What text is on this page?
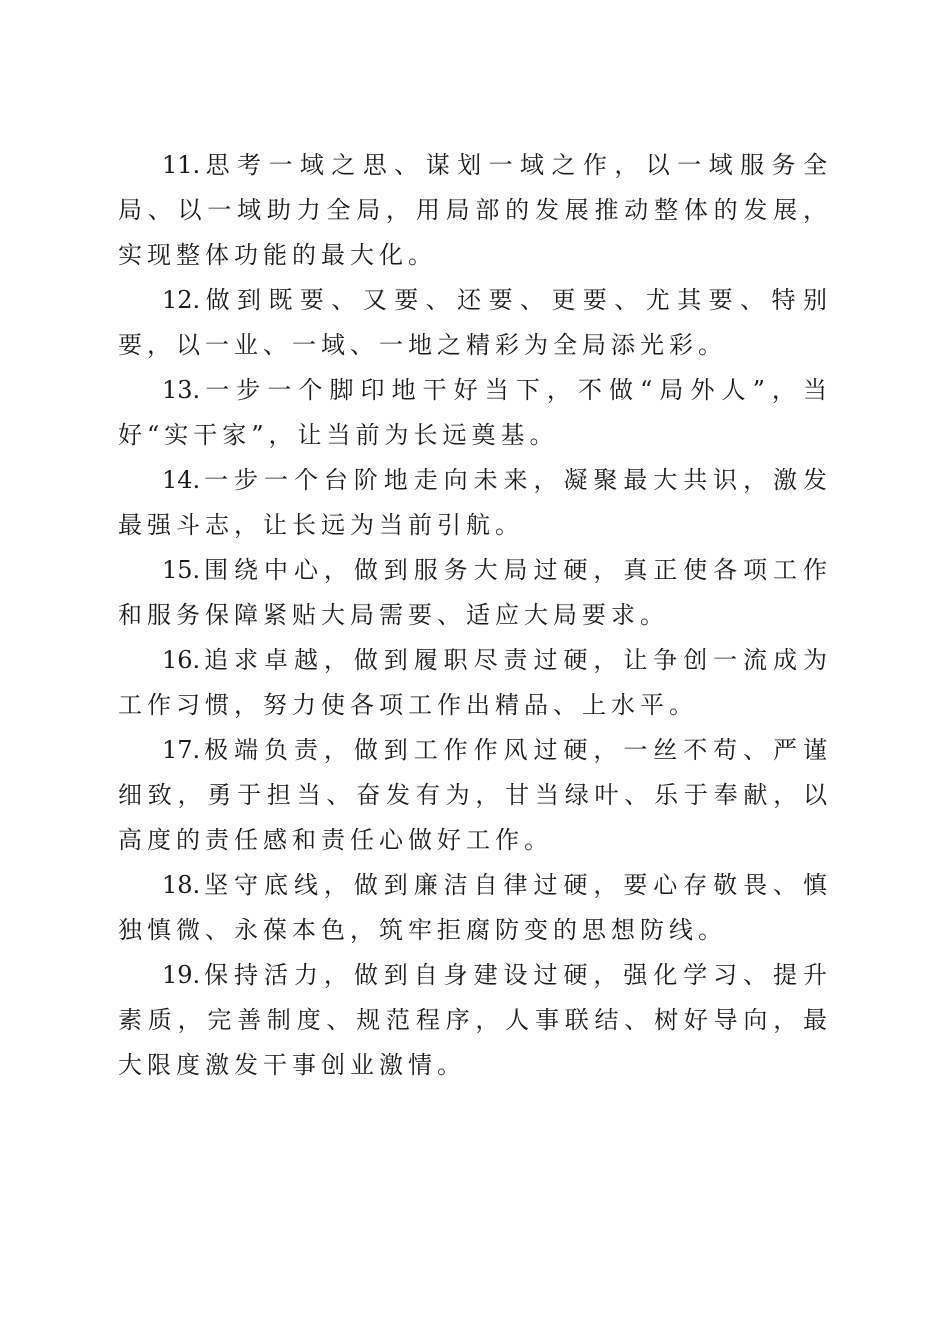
11. 思考一域之思、谋划一域之作，以一域服务全局、以一域助力全局，用局部的发展推动整体的发展，实现整体功能的最大化。

12. 做到既要、又要、还要、更要、尤其要、特别要，以一业、一域、一地之精彩为全局添光彩。

13. 一步一个脚印地干好当下，不做“局外人”，当好“实干家”，让当前为长远奠基。

14. 一步一个台阶地走向未来，凝聚最大共识，激发最强斗志，让长远为当前引航。

15. 围绕中心，做到服务大局过硬，真正使各项工作和服务保障紧贴大局需要、适应大局要求。

16. 追求卓越，做到履职尽责过硬，让争创一流成为工作习惯，努力使各项工作出精品、上水平。

17. 极端负责，做到工作作风过硬，一丝不苟、严谨细致，勇于担当、奋发有为，甘当绿叶、乐于奉献，以高度的责任感和责任心做好工作。

18. 坚守底线，做到廉洁自律过硬，要心存敬畏、慎独慎微、永葆本色，筑牢拒腐防变的思想防线。

19. 保持活力，做到自身建设过硬，强化学习、提升素质，完善制度、规范程序，人事联结、树好导向，最大限度激发干事创业激情。
